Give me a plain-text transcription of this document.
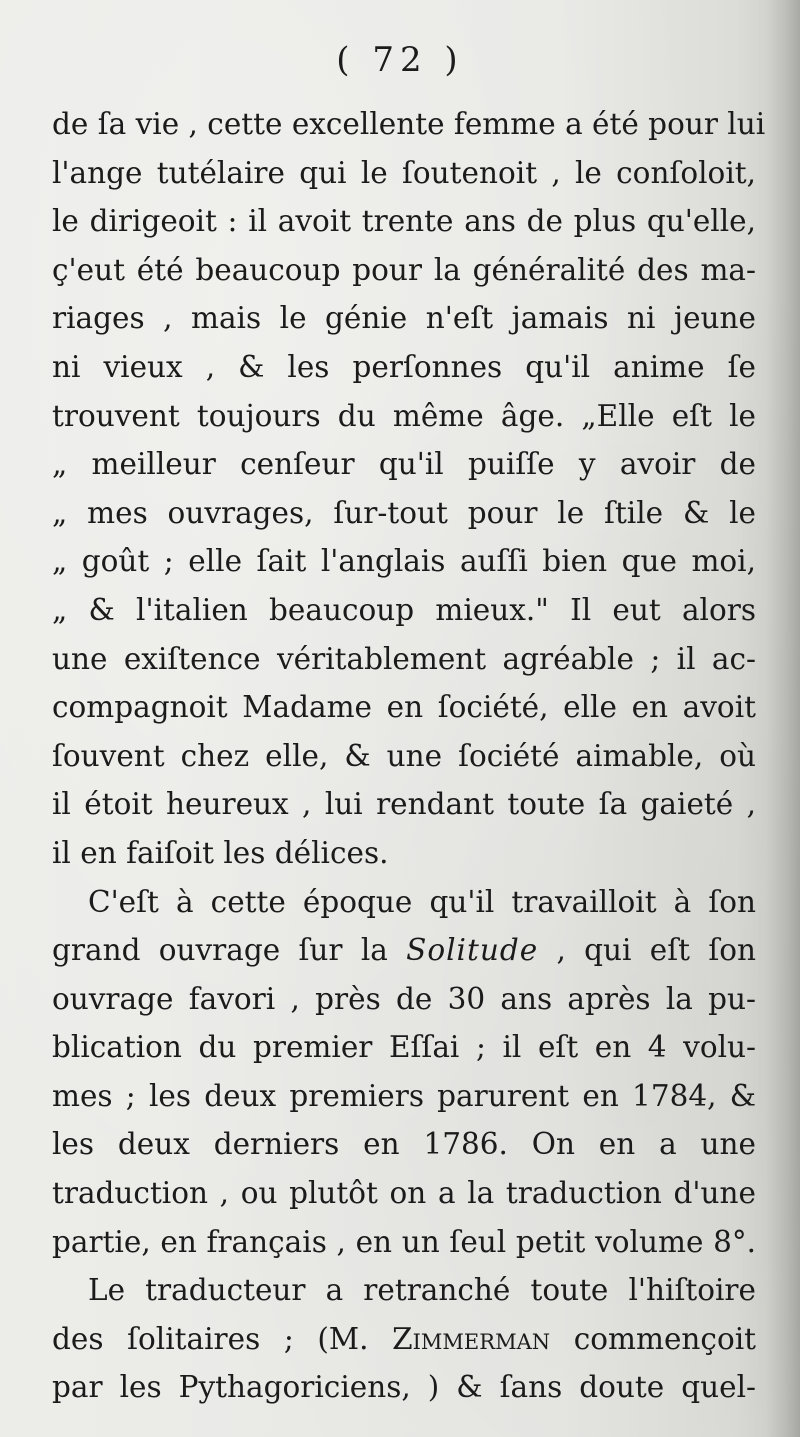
( 72 )
de ſa vie , cette excellente femme a été pour lui
l'ange tutélaire qui le ſoutenoit , le conſoloit,
le dirigeoit : il avoit trente ans de plus qu'elle,
ç'eut été beaucoup pour la généralité des ma-
riages , mais le génie n'eſt jamais ni jeune
ni vieux , & les perſonnes qu'il anime ſe
trouvent toujours du même âge. „Elle eſt le
„ meilleur cenſeur qu'il puiſſe y avoir de
„ mes ouvrages, ſur-tout pour le ſtile & le
„ goût ; elle ſait l'anglais auſſi bien que moi,
„ & l'italien beaucoup mieux." Il eut alors
une exiſtence véritablement agréable ; il ac-
compagnoit Madame en ſociété, elle en avoit
ſouvent chez elle, & une ſociété aimable, où
il étoit heureux , lui rendant toute ſa gaieté ,
il en faiſoit les délices.
C'eſt à cette époque qu'il travailloit à ſon
grand ouvrage ſur la Solitude , qui eſt ſon
ouvrage favori , près de 30 ans après la pu-
blication du premier Eſſai ; il eſt en 4 volu-
mes ; les deux premiers parurent en 1784, &
les deux derniers en 1786. On en a une
traduction , ou plutôt on a la traduction d'une
partie, en français , en un ſeul petit volume 8°.
Le traducteur a retranché toute l'hiſtoire
des ſolitaires ; (M. Zimmerman commençoit
par les Pythagoriciens, ) & ſans doute quel-
